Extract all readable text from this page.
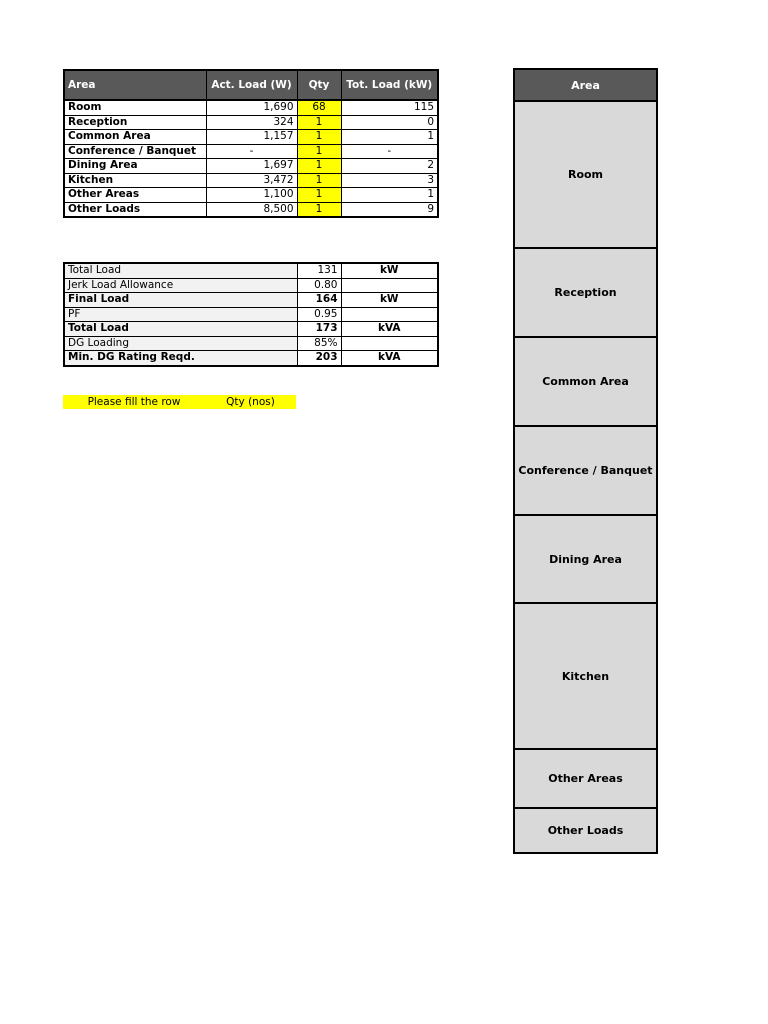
Area	Act. Load (W)	Qty	Tot. Load (kW)
Room	1,690	68	115
Reception	324	1	0
Common Area	1,157	1	1
Conference / Banquet	-	1	-
Dining Area	1,697	1	2
Kitchen	3,472	1	3
Other Areas	1,100	1	1
Other Loads	8,500	1	9
Total Load	131	kW
Jerk Load Allowance	0.80	
Final Load	164	kW
PF	0.95	
Total Load	173	kVA
DG Loading	85%	
Min. DG Rating Reqd.	203	kVA
Please fill the row	Qty (nos)
Area
Room
Reception
Common Area
Conference / Banquet
Dining Area
Kitchen
Other Areas
Other Loads
